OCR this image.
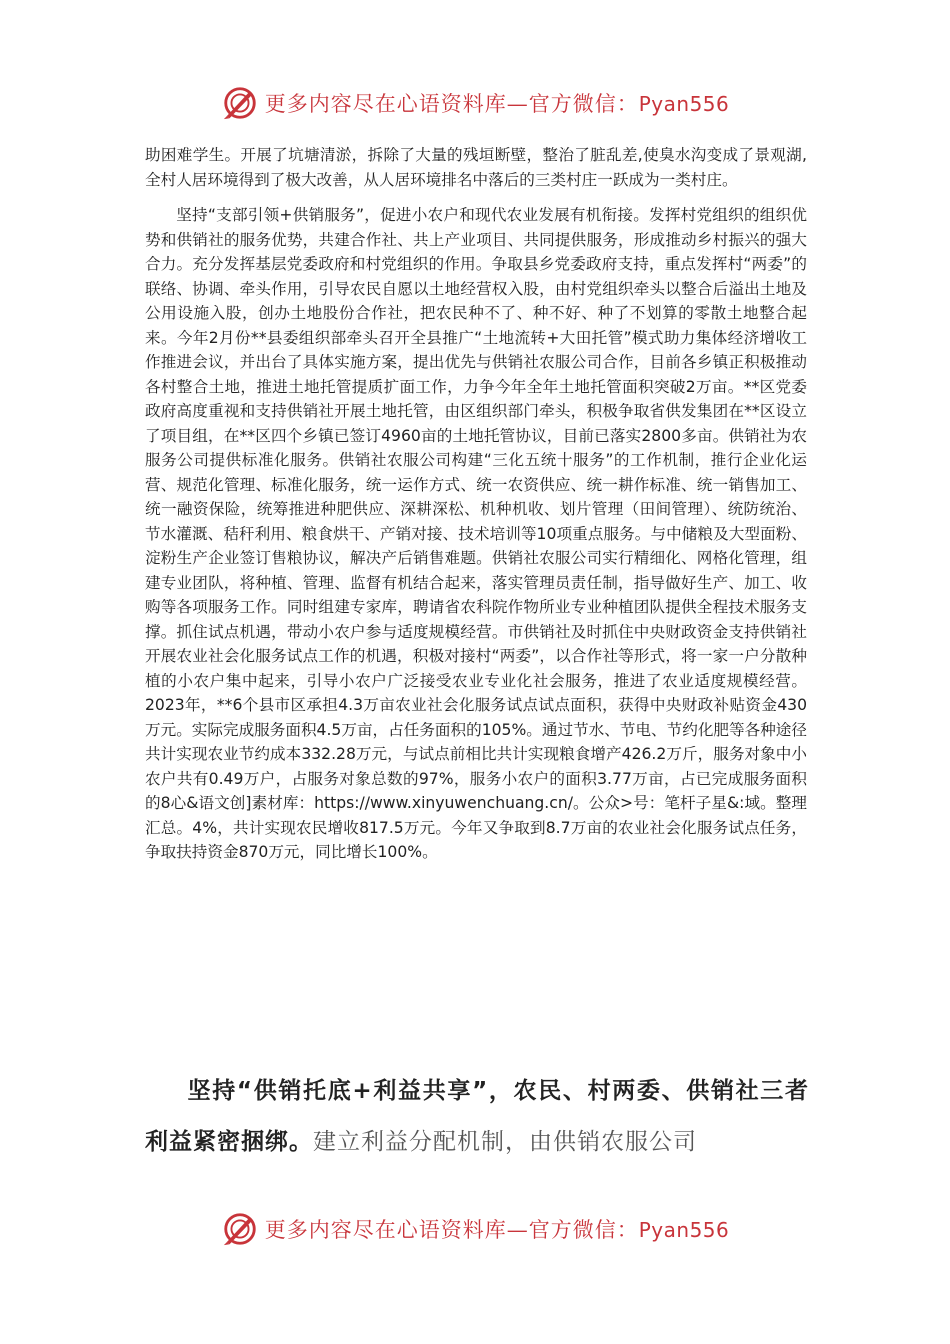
更多内容尽在心语资料库—官方微信：Pyan556

助困难学生。开展了坑塘清淤，拆除了大量的残垣断壁，整治了脏乱差,使臭水沟变成了景观湖,全村人居环境得到了极大改善，从人居环境排名中落后的三类村庄一跃成为一类村庄。

坚持“支部引领+供销服务”，促进小农户和现代农业发展有机衔接。发挥村党组织的组织优势和供销社的服务优势，共建合作社、共上产业项目、共同提供服务，形成推动乡村振兴的强大合力。充分发挥基层党委政府和村党组织的作用。争取县乡党委政府支持，重点发挥村“两委”的联络、协调、牵头作用，引导农民自愿以土地经营权入股，由村党组织牵头以整合后溢出土地及公用设施入股，创办土地股份合作社，把农民种不了、种不好、种了不划算的零散土地整合起来。今年2月份**县委组织部牵头召开全县推广“土地流转+大田托管”模式助力集体经济增收工作推进会议，并出台了具体实施方案，提出优先与供销社农服公司合作，目前各乡镇正积极推动各村整合土地，推进土地托管提质扩面工作，力争今年全年土地托管面积突破2万亩。**区党委政府高度重视和支持供销社开展土地托管，由区组织部门牵头，积极争取省供发集团在**区设立了项目组，在**区四个乡镇已签订4960亩的土地托管协议，目前已落实2800多亩。供销社为农服务公司提供标准化服务。供销社农服公司构建“三化五统十服务”的工作机制，推行企业化运营、规范化管理、标准化服务，统一运作方式、统一农资供应、统一耕作标准、统一销售加工、统一融资保险，统筹推进种肥供应、深耕深松、机种机收、划片管理（田间管理）、统防统治、节水灌溉、秸秆利用、粮食烘干、产销对接、技术培训等10项重点服务。与中储粮及大型面粉、淀粉生产企业签订售粮协议，解决产后销售难题。供销社农服公司实行精细化、网格化管理，组建专业团队，将种植、管理、监督有机结合起来，落实管理员责任制，指导做好生产、加工、收购等各项服务工作。同时组建专家库，聘请省农科院作物所业专业种植团队提供全程技术服务支撑。抓住试点机遇，带动小农户参与适度规模经营。市供销社及时抓住中央财政资金支持供销社开展农业社会化服务试点工作的机遇，积极对接村“两委”，以合作社等形式，将一家一户分散种植的小农户集中起来，引导小农户广泛接受农业专业化社会服务，推进了农业适度规模经营。2023年，**6个县市区承担4.3万亩农业社会化服务试点试点面积，获得中央财政补贴资金430万元。实际完成服务面积4.5万亩，占任务面积的105%。通过节水、节电、节约化肥等各种途径共计实现农业节约成本332.28万元，与试点前相比共计实现粮食增产426.2万斤，服务对象中小农户共有0.49万户，占服务对象总数的97%，服务小农户的面积3.77万亩，占已完成服务面积的8心&语文创]素材库：https://www.xinyuwenchuang.cn/。公众>号：笔杆子星&:域。整理汇总。4%，共计实现农民增收817.5万元。今年又争取到8.7万亩的农业社会化服务试点任务，争取扶持资金870万元，同比增长100%。

坚持“供销托底+利益共享”，农民、村两委、供销社三者利益紧密捆绑。建立利益分配机制，由供销农服公司

更多内容尽在心语资料库—官方微信：Pyan556
